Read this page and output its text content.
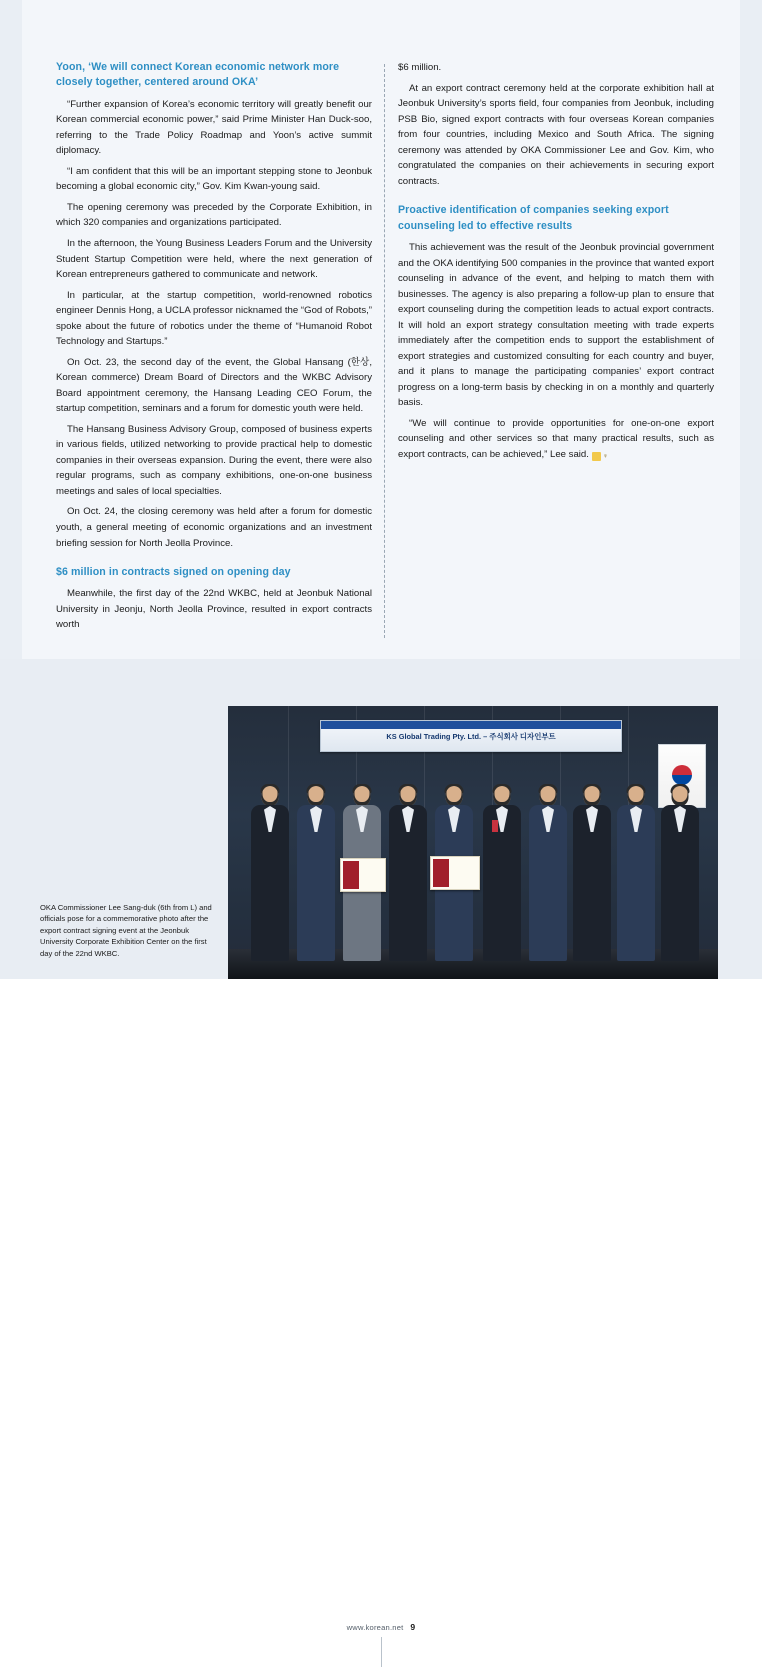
Yoon, ‘We will connect Korean economic network more closely together, centered around OKA’

“Further expansion of Korea’s economic territory will greatly benefit our Korean commercial economic power,” said Prime Minister Han Duck-soo, referring to the Trade Policy Roadmap and Yoon’s active summit diplomacy.

“I am confident that this will be an important stepping stone to Jeonbuk becoming a global economic city,” Gov. Kim Kwan-young said.

The opening ceremony was preceded by the Corporate Exhibition, in which 320 companies and organizations participated.

In the afternoon, the Young Business Leaders Forum and the University Student Startup Competition were held, where the next generation of Korean entrepreneurs gathered to communicate and network.

In particular, at the startup competition, world-renowned robotics engineer Dennis Hong, a UCLA professor nicknamed the “God of Robots,” spoke about the future of robotics under the theme of “Humanoid Robot Technology and Startups.”

On Oct. 23, the second day of the event, the Global Hansang (한상, Korean commerce) Dream Board of Directors and the WKBC Advisory Board appointment ceremony, the Hansang Leading CEO Forum, the startup competition, seminars and a forum for domestic youth were held.

The Hansang Business Advisory Group, composed of business experts in various fields, utilized networking to provide practical help to domestic companies in their overseas expansion. During the event, there were also regular programs, such as company exhibitions, one-on-one business meetings and sales of local specialties.

On Oct. 24, the closing ceremony was held after a forum for domestic youth, a general meeting of economic organizations and an investment briefing session for North Jeolla Province.

$6 million in contracts signed on opening day

Meanwhile, the first day of the 22nd WKBC, held at Jeonbuk National University in Jeonju, North Jeolla Province, resulted in export contracts worth

$6 million.

At an export contract ceremony held at the corporate exhibition hall at Jeonbuk University’s sports field, four companies from Jeonbuk, including PSB Bio, signed export contracts with four overseas Korean companies from four countries, including Mexico and South Africa. The signing ceremony was attended by OKA Commissioner Lee and Gov. Kim, who congratulated the companies on their achievements in securing export contracts.

Proactive identification of companies seeking export counseling led to effective results

This achievement was the result of the Jeonbuk provincial government and the OKA identifying 500 companies in the province that wanted export counseling in advance of the event, and helping to match them with businesses. The agency is also preparing a follow-up plan to ensure that export counseling during the competition leads to actual export contracts. It will hold an export strategy consultation meeting with trade experts immediately after the competition ends to support the establishment of export strategies and customized consulting for each country and buyer, and it plans to manage the participating companies’ export contract progress on a long-term basis by checking in on a monthly and quarterly basis.

“We will continue to provide opportunities for one-on-one export counseling and other services so that many practical results, such as export contracts, can be achieved,” Lee said. ♀

KS Global Trading Pty. Ltd. – 주식회사 디자인부트
OKA Commissioner Lee Sang-duk (6th from L) and officials pose for a commemorative photo after the export contract signing event at the Jeonbuk University Corporate Exhibition Center on the first day of the 22nd WKBC.
www.korean.net 9
